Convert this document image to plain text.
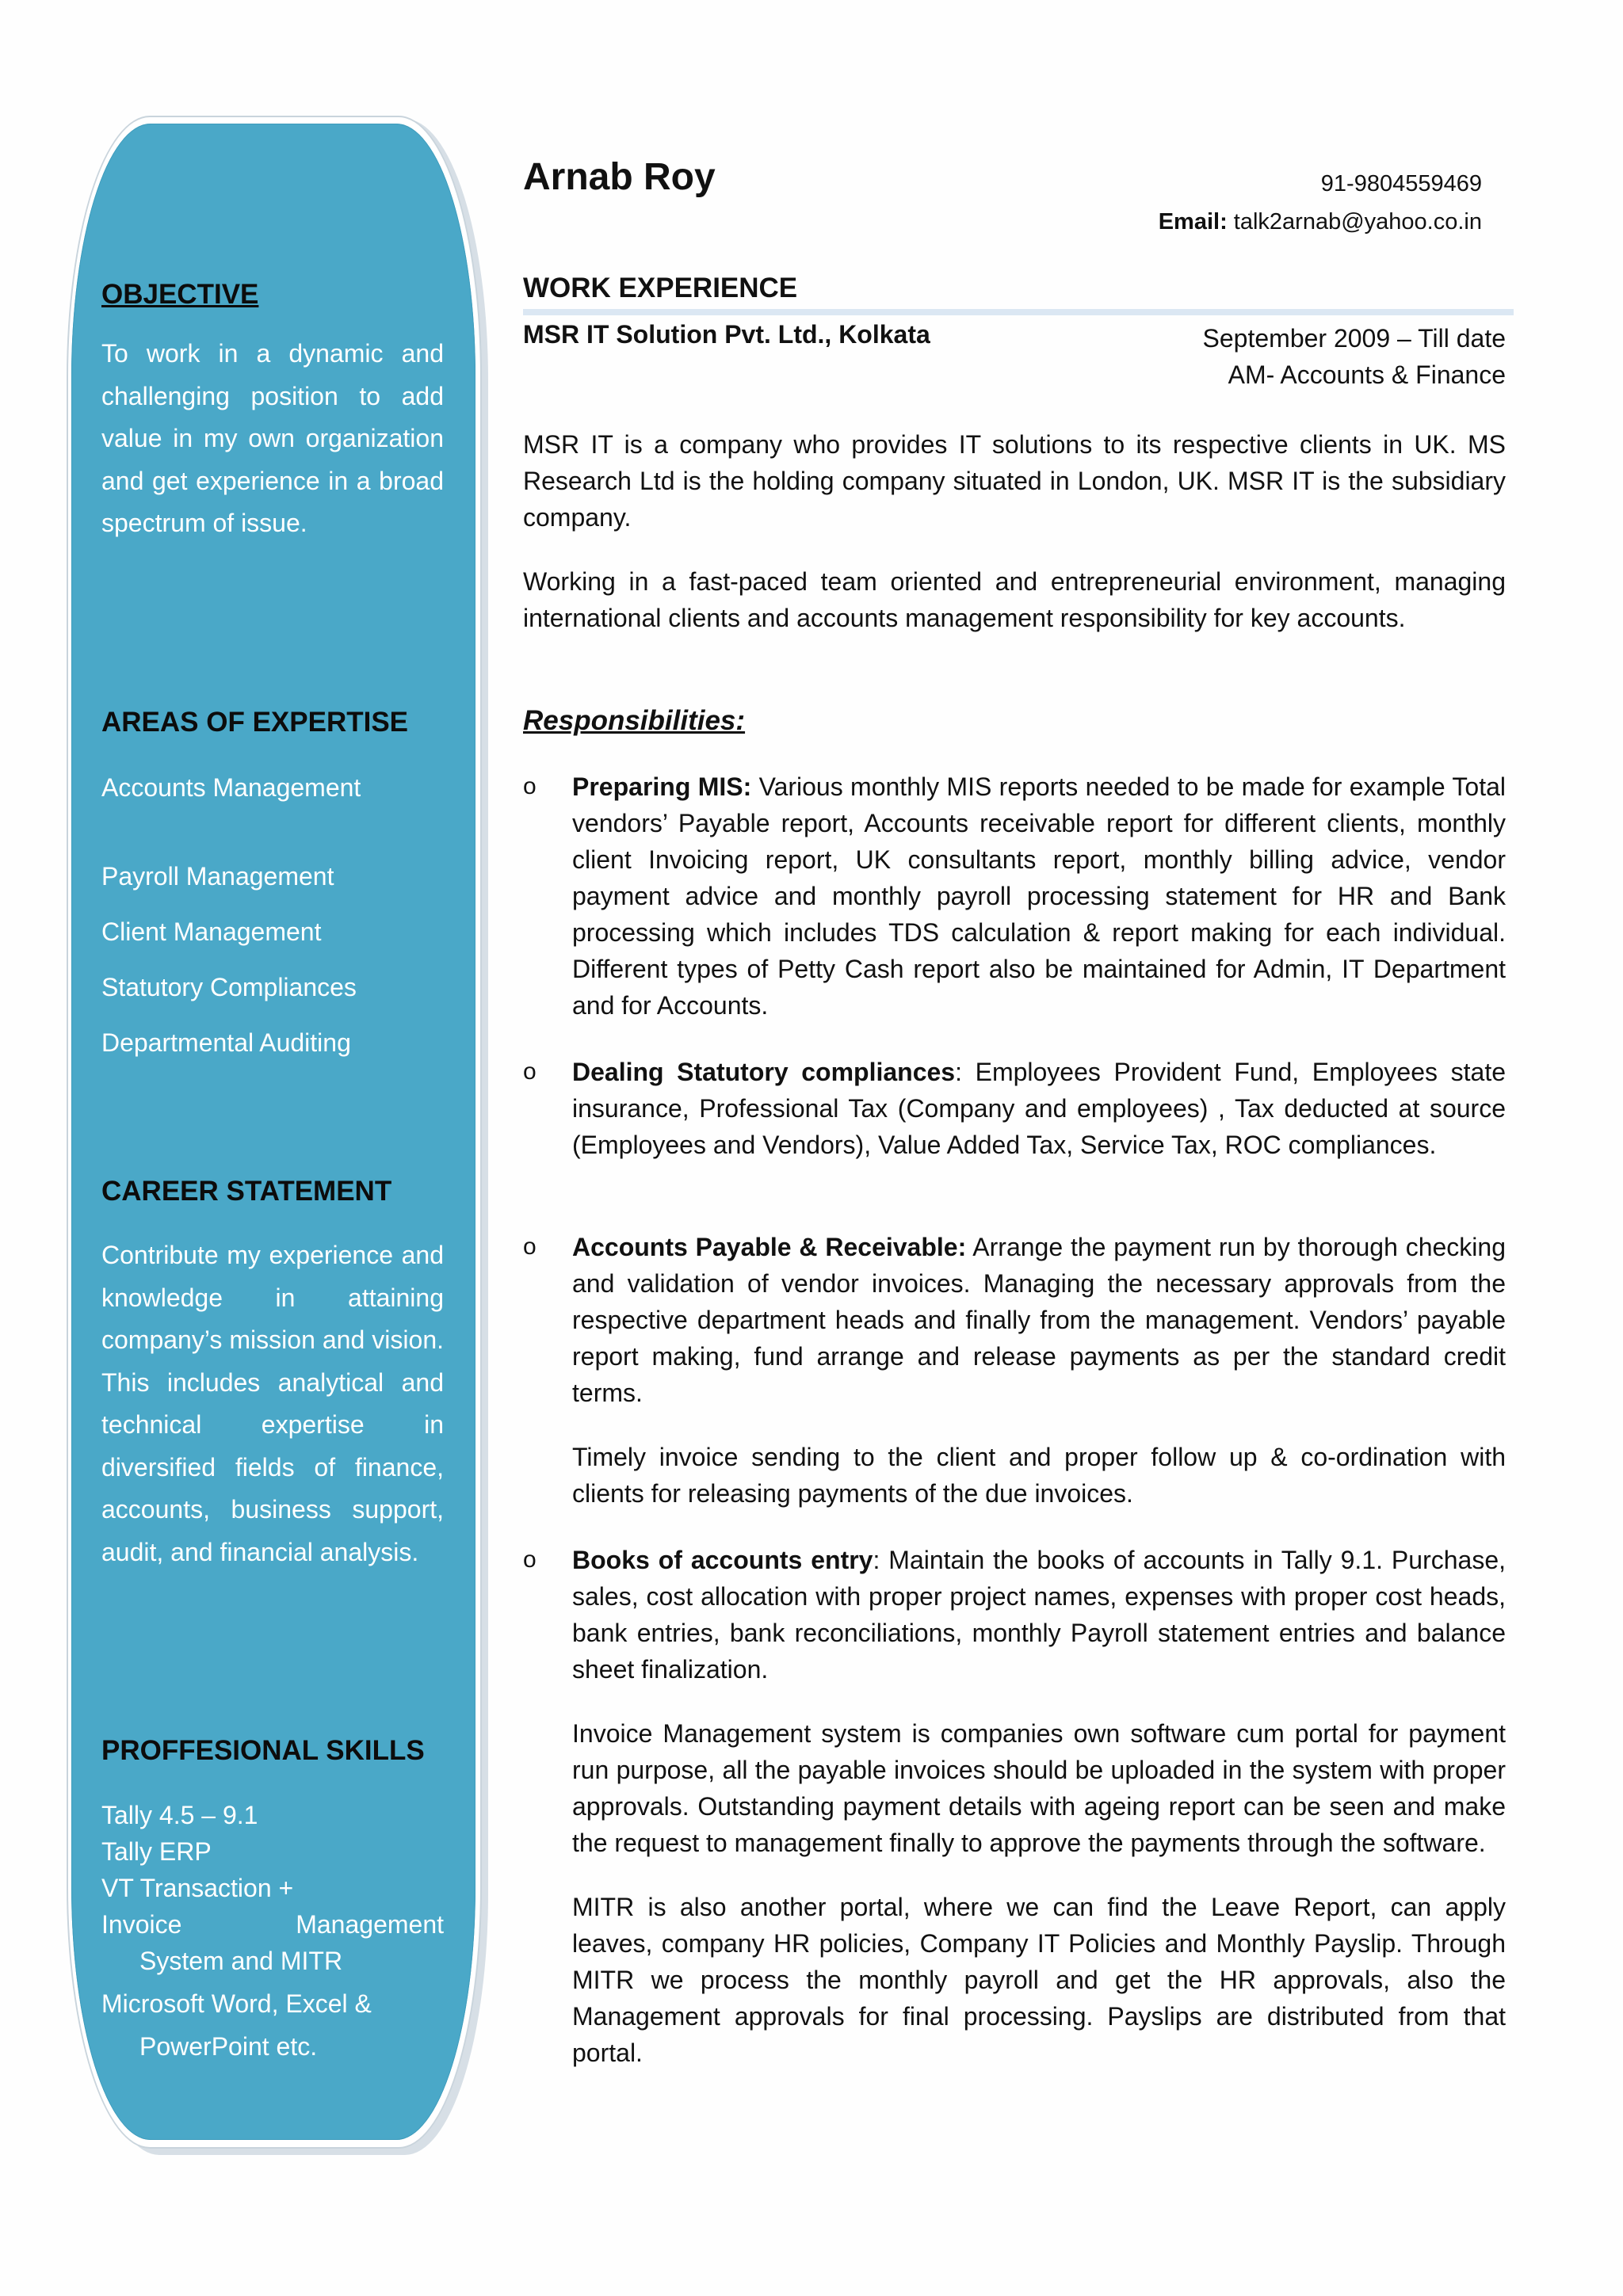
OBJECTIVE

To work in a dynamic and challenging position to add value in my own organization and get experience in a broad spectrum of issue.

AREAS OF EXPERTISE

Accounts Management

Payroll Management

Client Management

Statutory Compliances

Departmental Auditing

CAREER STATEMENT

Contribute my experience and knowledge in attaining company’s mission and vision. This includes analytical and technical expertise in diversified fields of finance, accounts, business support, audit, and financial analysis.

PROFFESIONAL SKILLS

Tally 4.5 – 9.1

Tally ERP

VT Transaction +

Invoice	Management

System and MITR

Microsoft Word, Excel &

PowerPoint etc.

Arnab Roy	91-9804559469
Email: talk2arnab@yahoo.co.in
WORK EXPERIENCE
MSR IT Solution Pvt. Ltd., Kolkata	September 2009 – Till date
AM- Accounts & Finance

MSR IT is a company who provides IT solutions to its respective clients in UK. MS Research Ltd is the holding company situated in London, UK. MSR IT is the subsidiary company.

Working in a fast-paced team oriented and entrepreneurial environment, managing international clients and accounts management responsibility for key accounts.

Responsibilities:
o Preparing MIS: Various monthly MIS reports needed to be made for example Total vendors’ Payable report, Accounts receivable report for different clients, monthly client Invoicing report, UK consultants report, monthly billing advice, vendor payment advice and monthly payroll processing statement for HR and Bank processing which includes TDS calculation & report making for each individual. Different types of Petty Cash report also be maintained for Admin, IT Department and for Accounts.

o Dealing Statutory compliances: Employees Provident Fund, Employees state insurance, Professional Tax (Company and employees) , Tax deducted at source (Employees and Vendors), Value Added Tax, Service Tax, ROC compliances.

o Accounts Payable & Receivable: Arrange the payment run by thorough checking and validation of vendor invoices. Managing the necessary approvals from the respective department heads and finally from the management. Vendors’ payable report making, fund arrange and release payments as per the standard credit terms.

Timely invoice sending to the client and proper follow up & co-ordination with clients for releasing payments of the due invoices.

o Books of accounts entry: Maintain the books of accounts in Tally 9.1. Purchase, sales, cost allocation with proper project names, expenses with proper cost heads, bank entries, bank reconciliations, monthly Payroll statement entries and balance sheet finalization.

Invoice Management system is companies own software cum portal for payment run purpose, all the payable invoices should be uploaded in the system with proper approvals. Outstanding payment details with ageing report can be seen and make the request to management finally to approve the payments through the software.

MITR is also another portal, where we can find the Leave Report, can apply leaves, company HR policies, Company IT Policies and Monthly Payslip. Through MITR we process the monthly payroll and get the HR approvals, also the Management approvals for final processing. Payslips are distributed from that portal.
